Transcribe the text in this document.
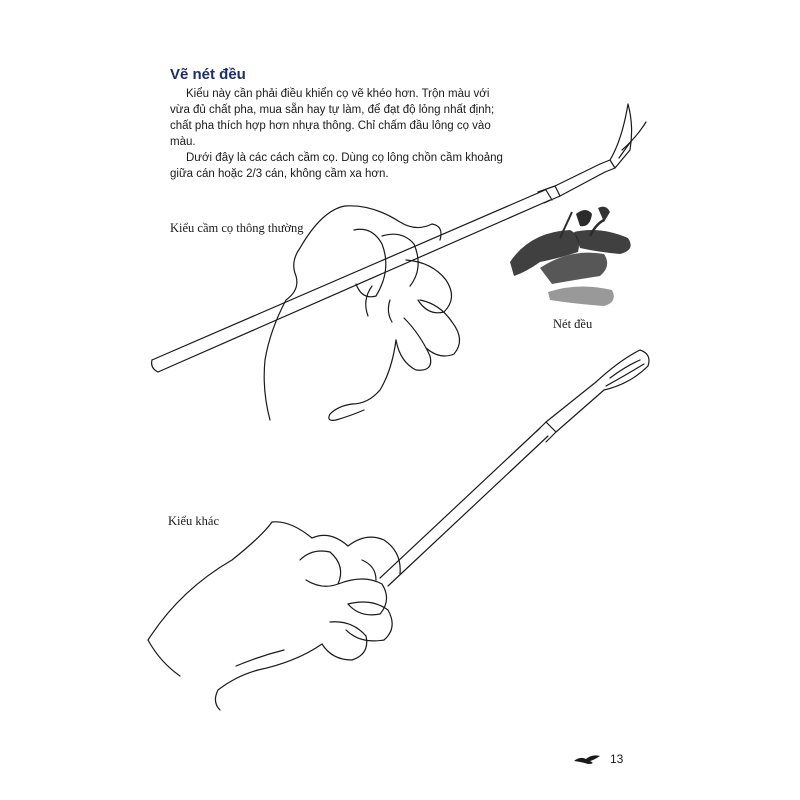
Vẽ nét đều

Kiểu này cần phải điều khiển cọ vẽ khéo hơn. Trộn màu với vừa đủ chất pha, mua sẵn hay tự làm, để đạt độ lỏng nhất định; chất pha thích hợp hơn nhựa thông. Chỉ chấm đầu lông cọ vào màu.

Dưới đây là các cách cầm cọ. Dùng cọ lông chồn cầm khoảng giữa cán hoặc 2/3 cán, không cầm xa hơn.

Kiểu cầm cọ thông thường
Nét đều
Kiểu khác
13
